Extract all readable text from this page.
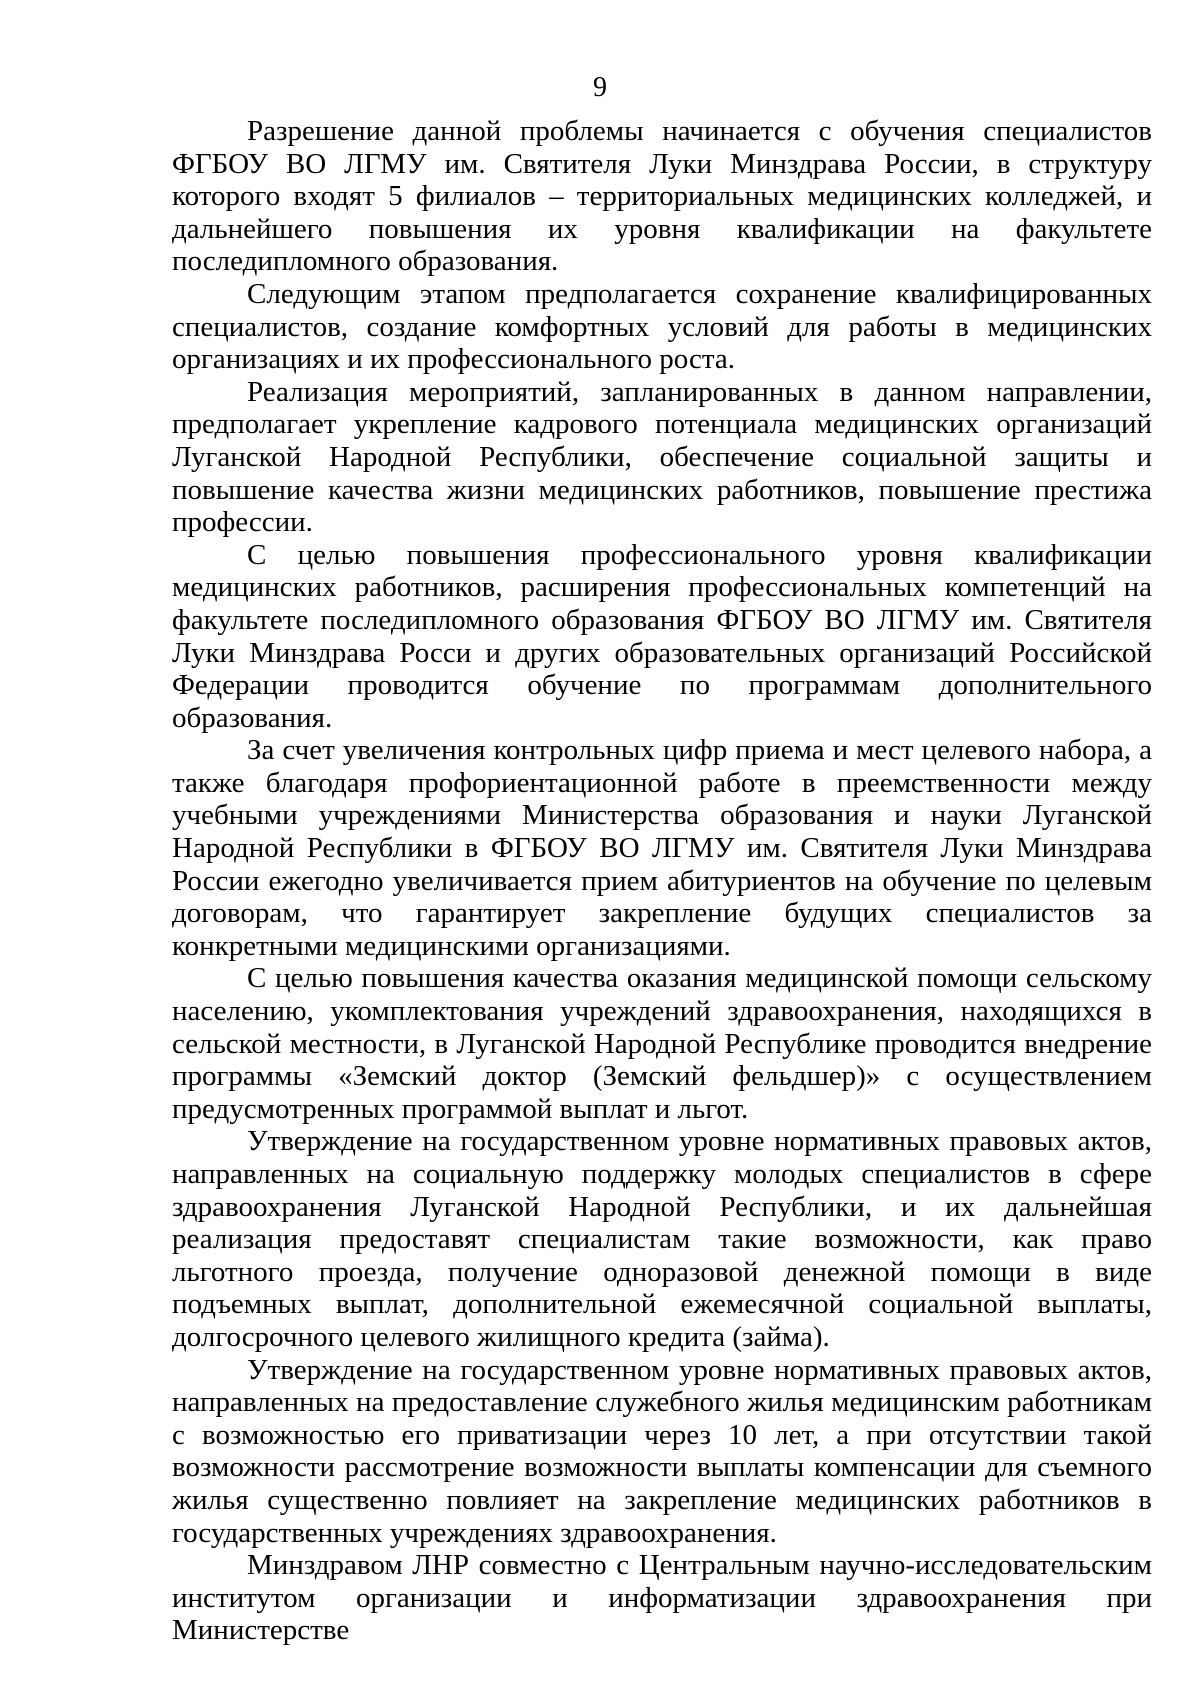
9

Разрешение данной проблемы начинается с обучения специалистов ФГБОУ ВО ЛГМУ им. Святителя Луки Минздрава России, в структуру которого входят 5 филиалов – территориальных медицинских колледжей, и дальнейшего повышения их уровня квалификации на факультете последипломного образования.

Следующим этапом предполагается сохранение квалифицированных специалистов, создание комфортных условий для работы в медицинских организациях и их профессионального роста.

Реализация мероприятий, запланированных в данном направлении, предполагает укрепление кадрового потенциала медицинских организаций Луганской Народной Республики, обеспечение социальной защиты и повышение качества жизни медицинских работников, повышение престижа профессии.

С целью повышения профессионального уровня квалификации медицинских работников, расширения профессиональных компетенций на факультете последипломного образования ФГБОУ ВО ЛГМУ им. Святителя Луки Минздрава Росси и других образовательных организаций Российской Федерации проводится обучение по программам дополнительного образования.

За счет увеличения контрольных цифр приема и мест целевого набора, а также благодаря профориентационной работе в преемственности между учебными учреждениями Министерства образования и науки Луганской Народной Республики в ФГБОУ ВО ЛГМУ им. Святителя Луки Минздрава России ежегодно увеличивается прием абитуриентов на обучение по целевым договорам, что гарантирует закрепление будущих специалистов за конкретными медицинскими организациями.

С целью повышения качества оказания медицинской помощи сельскому населению, укомплектования учреждений здравоохранения, находящихся в сельской местности, в Луганской Народной Республике проводится внедрение программы «Земский доктор (Земский фельдшер)» с осуществлением предусмотренных программой выплат и льгот.

Утверждение на государственном уровне нормативных правовых актов, направленных на социальную поддержку молодых специалистов в сфере здравоохранения Луганской Народной Республики, и их дальнейшая реализация предоставят специалистам такие возможности, как право льготного проезда, получение одноразовой денежной помощи в виде подъемных выплат, дополнительной ежемесячной социальной выплаты, долгосрочного целевого жилищного кредита (займа).

Утверждение на государственном уровне нормативных правовых актов, направленных на предоставление служебного жилья медицинским работникам с возможностью его приватизации через 10 лет, а при отсутствии такой возможности рассмотрение возможности выплаты компенсации для съемного жилья существенно повлияет на закрепление медицинских работников в государственных учреждениях здравоохранения.

Минздравом ЛНР совместно с Центральным научно-исследовательским институтом организации и информатизации здравоохранения при Министерстве
